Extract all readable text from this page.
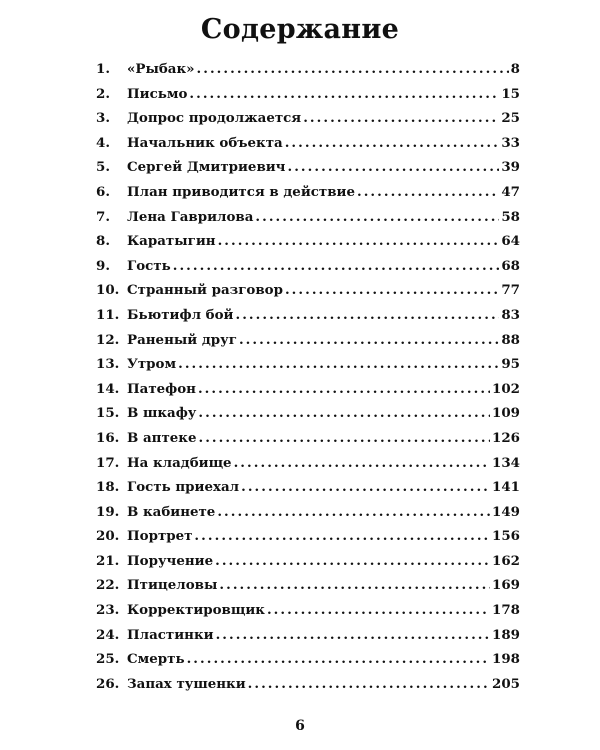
Содержание
1.	«Рыбак» . . .	8
2.	Письмо . . .	15
3.	Допрос продолжается . . .	25
4.	Начальник объекта . . .	33
5.	Сергей Дмитриевич . . .	39
6.	План приводится в действие . . .	47
7.	Лена Гаврилова . . .	58
8.	Каратыгин . . .	64
9.	Гость . . .	68
10. Странный разговор . . .	77
11. Бьютифл бой . . .	83
12. Раненый друг . . .	88
13. Утром . . .	95
14. Патефон . . .	102
15. В шкафу . . .	109
16. В аптеке . . .	126
17. На кладбище . . .	134
18. Гость приехал . . .	141
19. В кабинете . . .	149
20. Портрет . . .	156
21. Поручение . . .	162
22. Птицеловы . . .	169
23. Корректировщик . . .	178
24. Пластинки . . .	189
25. Смерть . . .	198
26. Запах тушенки . . .	205
6
